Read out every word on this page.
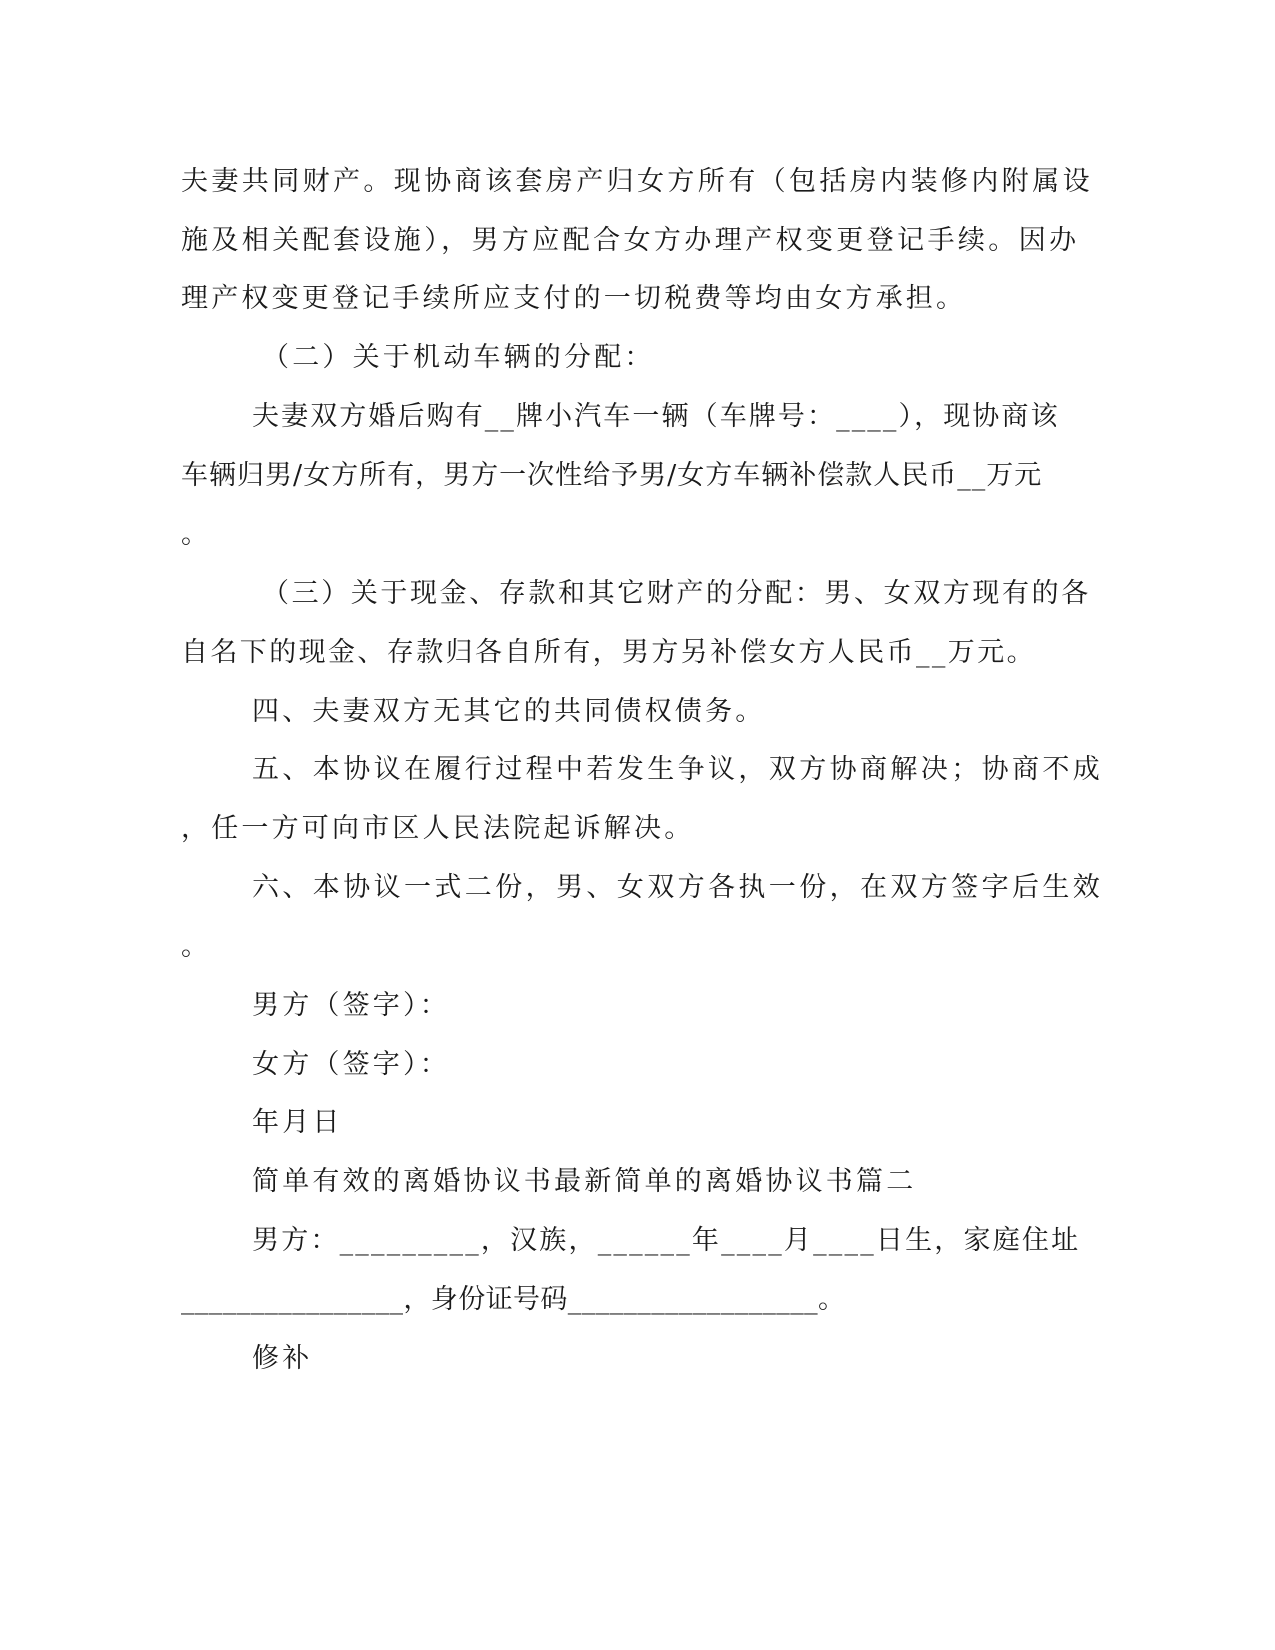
夫妻共同财产。现协商该套房产归女方所有（包括房内装修内附属设
施及相关配套设施），男方应配合女方办理产权变更登记手续。因办
理产权变更登记手续所应支付的一切税费等均由女方承担。
（二）关于机动车辆的分配：
夫妻双方婚后购有__牌小汽车一辆（车牌号：____），现协商该
车辆归男/女方所有，男方一次性给予男/女方车辆补偿款人民币__万元
。
（三）关于现金、存款和其它财产的分配：男、女双方现有的各
自名下的现金、存款归各自所有，男方另补偿女方人民币__万元。
四、夫妻双方无其它的共同债权债务。
五、本协议在履行过程中若发生争议，双方协商解决；协商不成
，任一方可向市区人民法院起诉解决。
六、本协议一式二份，男、女双方各执一份，在双方签字后生效
。
男方（签字）：
女方（签字）：
年月日
简单有效的离婚协议书最新简单的离婚协议书篇二
男方：_________，汉族，______年____月____日生，家庭住址
________________，身份证号码__________________。
修补
